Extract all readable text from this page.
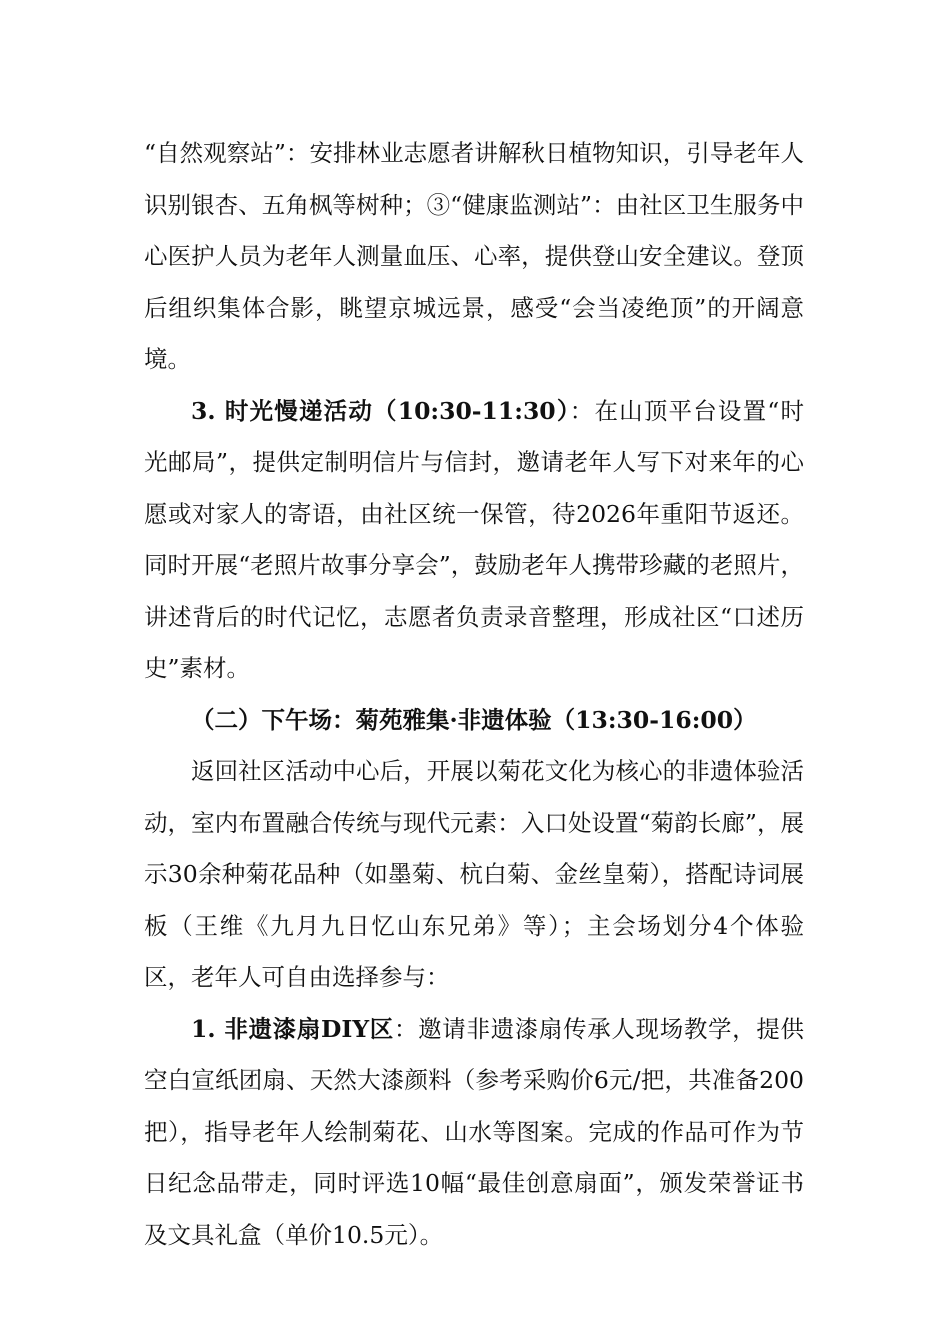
“自然观察站”：安排林业志愿者讲解秋日植物知识，引导老年人识别银杏、五角枫等树种；③“健康监测站”：由社区卫生服务中心医护人员为老年人测量血压、心率，提供登山安全建议。登顶后组织集体合影，眺望京城远景，感受“会当凌绝顶”的开阔意境。

3. 时光慢递活动（10:30-11:30）：在山顶平台设置“时光邮局”，提供定制明信片与信封，邀请老年人写下对来年的心愿或对家人的寄语，由社区统一保管，待2026年重阳节返还。同时开展“老照片故事分享会”，鼓励老年人携带珍藏的老照片，讲述背后的时代记忆，志愿者负责录音整理，形成社区“口述历史”素材。

（二）下午场：菊苑雅集·非遗体验（13:30-16:00）

返回社区活动中心后，开展以菊花文化为核心的非遗体验活动，室内布置融合传统与现代元素：入口处设置“菊韵长廊”，展示30余种菊花品种（如墨菊、杭白菊、金丝皇菊），搭配诗词展板（王维《九月九日忆山东兄弟》等）；主会场划分4个体验区，老年人可自由选择参与：

1. 非遗漆扇DIY区：邀请非遗漆扇传承人现场教学，提供空白宣纸团扇、天然大漆颜料（参考采购价6元/把，共准备200把），指导老年人绘制菊花、山水等图案。完成的作品可作为节日纪念品带走，同时评选10幅“最佳创意扇面”，颁发荣誉证书及文具礼盒（单价10.5元）。
